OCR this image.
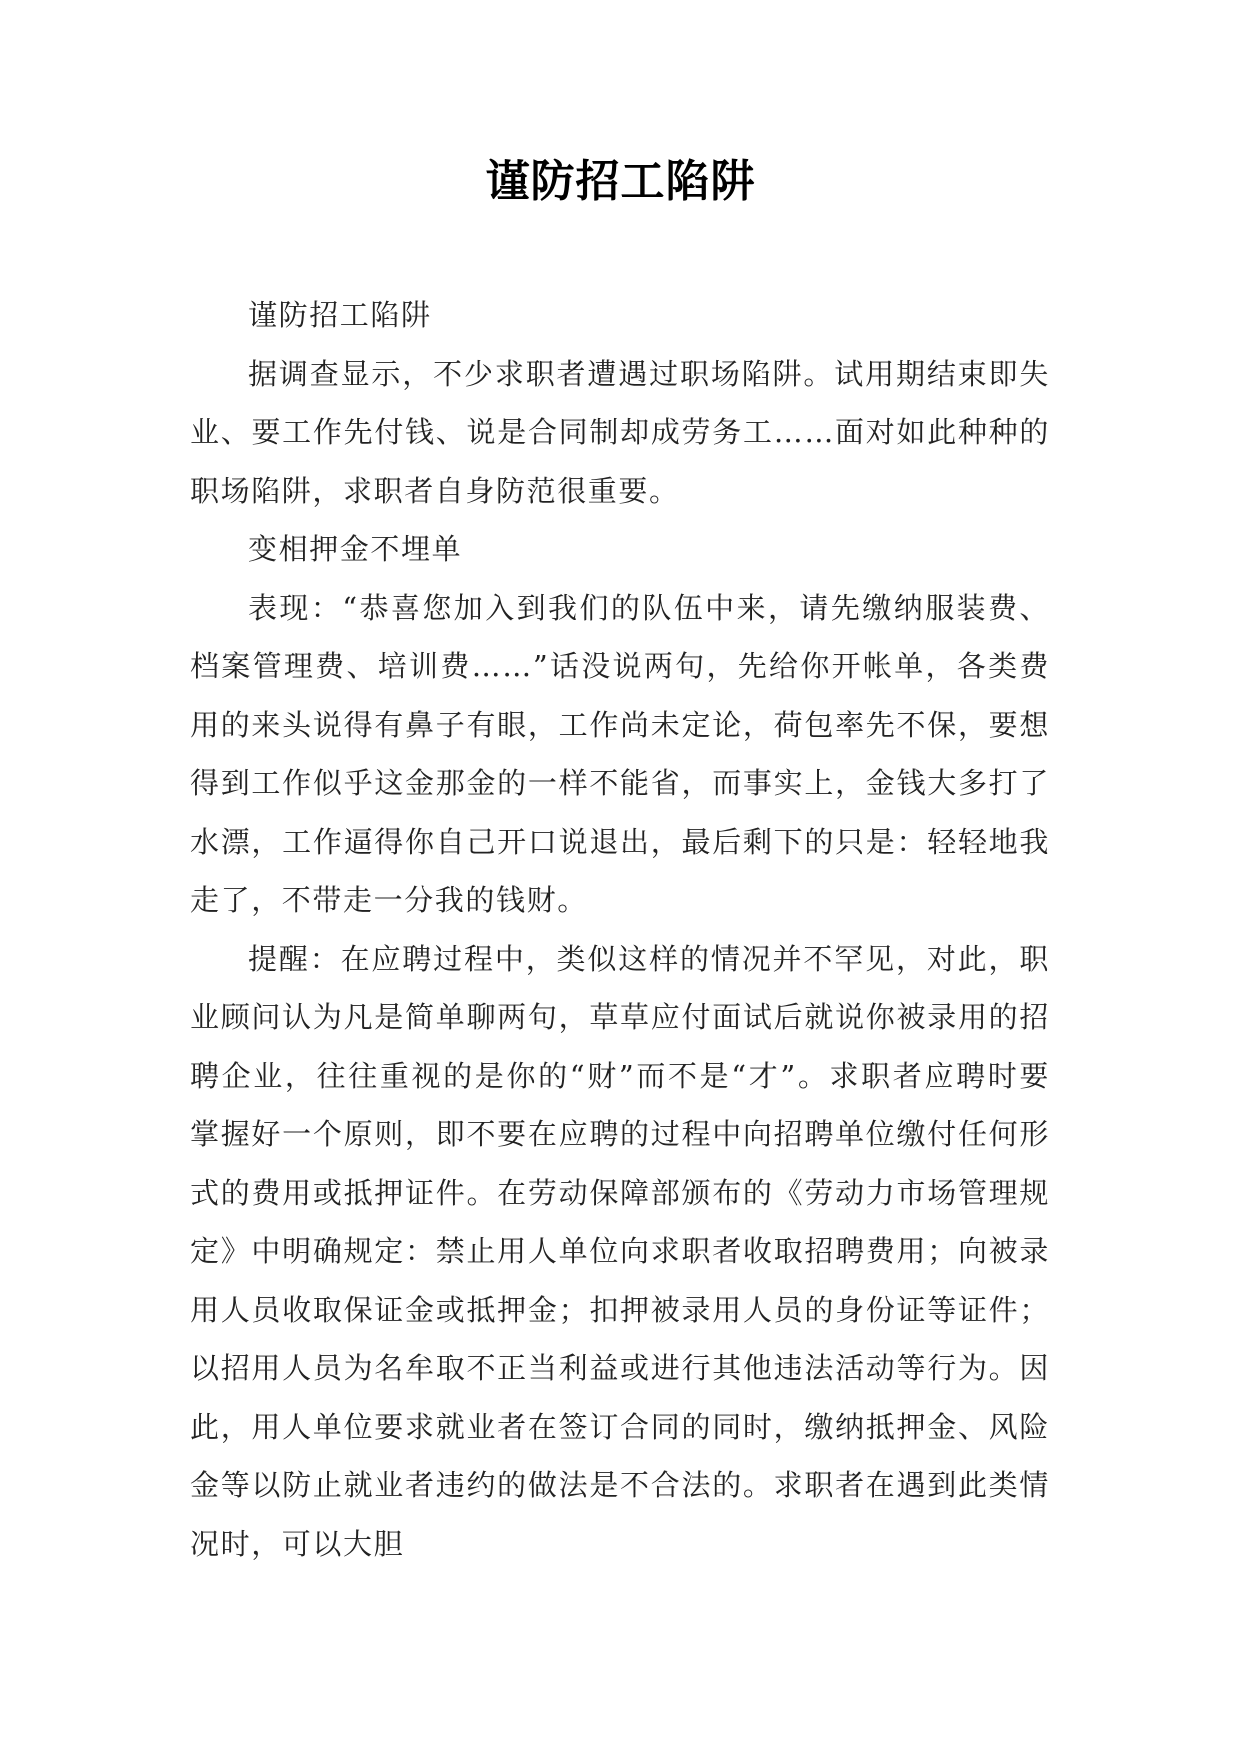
谨防招工陷阱

谨防招工陷阱

据调查显示，不少求职者遭遇过职场陷阱。试用期结束即失业、要工作先付钱、说是合同制却成劳务工……面对如此种种的职场陷阱，求职者自身防范很重要。

变相押金不埋单

表现：“恭喜您加入到我们的队伍中来，请先缴纳服装费、档案管理费、培训费……”话没说两句，先给你开帐单，各类费用的来头说得有鼻子有眼，工作尚未定论，荷包率先不保，要想得到工作似乎这金那金的一样不能省，而事实上，金钱大多打了水漂，工作逼得你自己开口说退出，最后剩下的只是：轻轻地我走了，不带走一分我的钱财。

提醒：在应聘过程中，类似这样的情况并不罕见，对此，职业顾问认为凡是简单聊两句，草草应付面试后就说你被录用的招聘企业，往往重视的是你的“财”而不是“才”。求职者应聘时要掌握好一个原则，即不要在应聘的过程中向招聘单位缴付任何形式的费用或抵押证件。在劳动保障部颁布的《劳动力市场管理规定》中明确规定：禁止用人单位向求职者收取招聘费用；向被录用人员收取保证金或抵押金；扣押被录用人员的身份证等证件；以招用人员为名牟取不正当利益或进行其他违法活动等行为。因此，用人单位要求就业者在签订合同的同时，缴纳抵押金、风险金等以防止就业者违约的做法是不合法的。求职者在遇到此类情况时，可以大胆
